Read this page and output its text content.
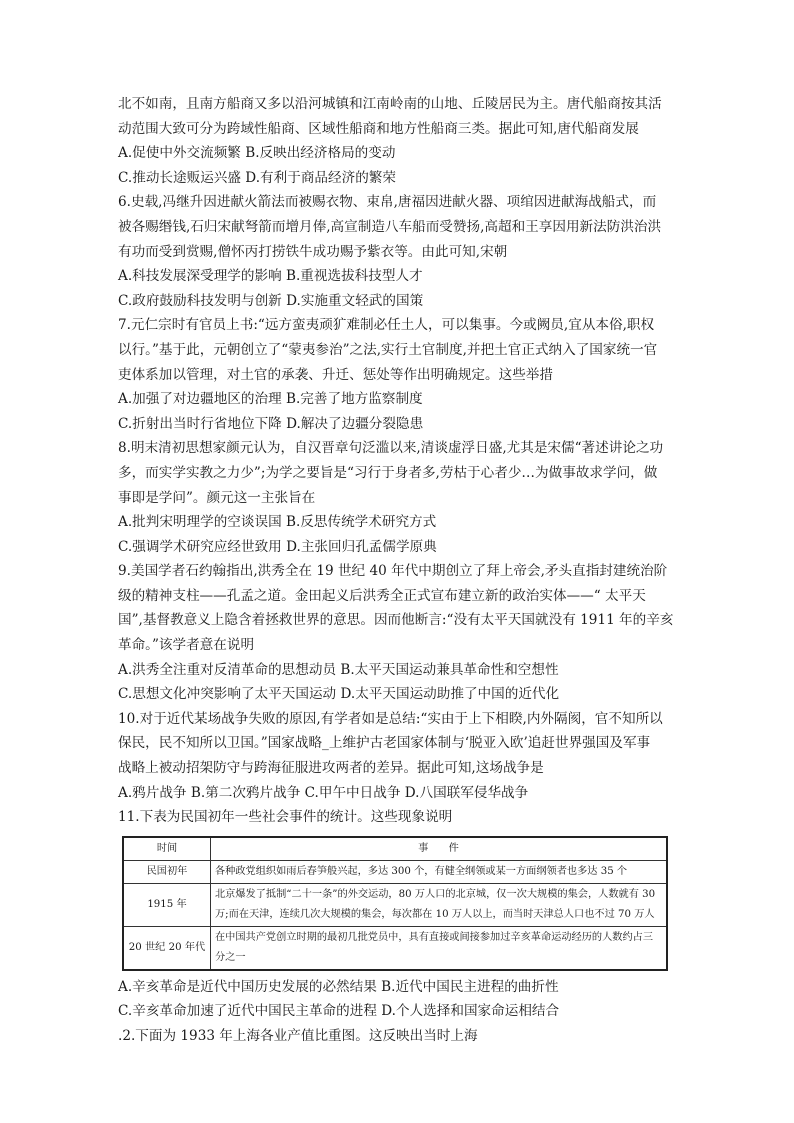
北不如南，且南方船商又多以沿河城镇和江南岭南的山地、丘陵居民为主。唐代船商按其活
动范围大致可分为跨域性船商、区域性船商和地方性船商三类。据此可知,唐代船商发展
A.促使中外交流频繁 B.反映出经济格局的变动
C.推动长途贩运兴盛 D.有利于商品经济的繁荣
6.史载,冯继升因进献火箭法而被赐衣物、束帛,唐福因进献火器、项绾因进献海战船式，而
被各赐缗钱,石归宋献弩箭而增月俸,高宣制造八车船而受赞扬,高超和王享因用新法防洪治洪
有功而受到赏赐,僧怀丙打捞铁牛成功赐予紫衣等。由此可知,宋朝
A.科技发展深受理学的影响 B.重视选拔科技型人才
C.政府鼓励科技发明与创新 D.实施重文轻武的国策
7.元仁宗时有官员上书:“远方蛮夷顽犷难制必任土人，可以集事。今或阙员,宜从本俗,职权
以行。”基于此，元朝创立了“蒙夷参治”之法,实行土官制度,并把土官正式纳入了国家统一官
吏体系加以管理，对土官的承袭、升迁、惩处等作出明确规定。这些举措
A.加强了对边疆地区的治理 B.完善了地方监察制度
C.折射出当时行省地位下降 D.解决了边疆分裂隐患
8.明末清初思想家颜元认为，自汉晋章句泛滥以来,清谈虚浮日盛,尤其是宋儒“著述讲论之功
多，而实学实教之力少”;为学之要旨是“习行于身者多,劳枯于心者少…为做事故求学问，做
事即是学问”。颜元这一主张旨在
A.批判宋明理学的空谈误国 B.反思传统学术研究方式
C.强调学术研究应经世致用 D.主张回归孔孟儒学原典
9.美国学者石约翰指出,洪秀全在 19 世纪 40 年代中期创立了拜上帝会,矛头直指封建统治阶
级的精神支柱——孔孟之道。金田起义后洪秀全正式宣布建立新的政治实体——“ 太平天
国”,基督教意义上隐含着拯救世界的意思。因而他断言:“没有太平天国就没有 1911 年的辛亥
革命。”该学者意在说明
A.洪秀全注重对反清革命的思想动员 B.太平天国运动兼具革命性和空想性
C.思想文化冲突影响了太平天国运动 D.太平天国运动助推了中国的近代化
10.对于近代某场战争失败的原因,有学者如是总结:“实由于上下相睽,内外隔阂，官不知所以
保民，民不知所以卫国。”国家战略_上维护古老国家体制与‘脱亚入欧’追赶世界强国及军事
战略上被动招架防守与跨海征服进攻两者的差异。据此可知,这场战争是
A.鸦片战争 B.第二次鸦片战争 C.甲午中日战争 D.八国联军侵华战争
11.下表为民国初年一些社会事件的统计。这些现象说明
时间	事　　件
民国初年	各种政党组织如雨后春笋般兴起，多达 300 个，有健全纲领或某一方面纲领者也多达 35 个
1915 年	北京爆发了抵制“二十一条”的外交运动，80 万人口的北京城，仅一次大规模的集会，人数就有 30 万;而在天津，连续几次大规模的集会，每次都在 10 万人以上，而当时天津总人口也不过 70 万人
20 世纪 20 年代	在中国共产党创立时期的最初几批党员中，具有直接或间接参加过辛亥革命运动经历的人数约占三分之一
A.辛亥革命是近代中国历史发展的必然结果 B.近代中国民主进程的曲折性
C.辛亥革命加速了近代中国民主革命的进程 D.个人选择和国家命运相结合
.2.下面为 1933 年上海各业产值比重图。这反映出当时上海
